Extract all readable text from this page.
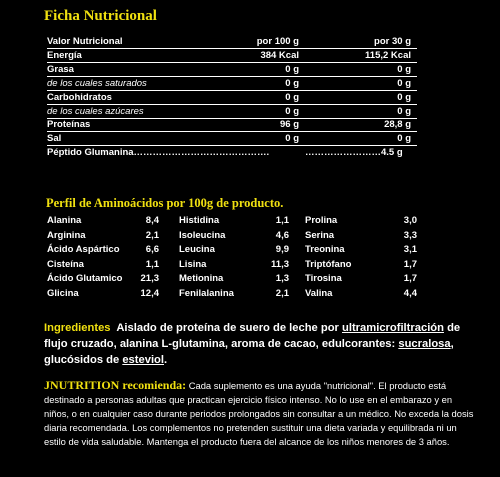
Ficha Nutricional
Valor Nutricional	por 100 g	por 30 g
Energía	384 Kcal	115,2 Kcal
Grasa	0 g	0 g
de los cuales saturados	0 g	0 g
Carbohidratos	0 g	0 g
de los cuales azúcares	0 g	0 g
Proteínas	96 g	28,8 g
Sal	0 g	0 g
Péptido Glumanina…………………………………….	……………………4.5 g
Perfil de Aminoácidos por 100g de producto.
Alanina	8,4 Histidina	1,1 Prolina	3,0
Arginina	2,1 Isoleucina	4,6 Serina	3,3
Ácido Aspártico	6,6 Leucina	9,9 Treonina	3,1
Cisteína	1,1 Lisina	11,3 Triptófano	1,7
Ácido Glutamico 21,3 Metionina	1,3 Tirosina	1,7
Glicina	12,4 Fenilalanina	2,1 Valina	4,4
Ingredientes Aislado de proteína de suero de leche por ultramicrofiltración de flujo cruzado, alanina L-glutamina, aroma de cacao, edulcorantes: sucralosa, glucósidos de esteviol.
JNUTRITION recomienda: Cada suplemento es una ayuda "nutricional". El producto está destinado a personas adultas que practican ejercicio físico intenso. No lo use en el embarazo y en niños, o en cualquier caso durante periodos prolongados sin consultar a un médico. No exceda la dosis diaria recomendada. Los complementos no pretenden sustituir una dieta variada y equilibrada ni un estilo de vida saludable. Mantenga el producto fuera del alcance de los niños menores de 3 años.
